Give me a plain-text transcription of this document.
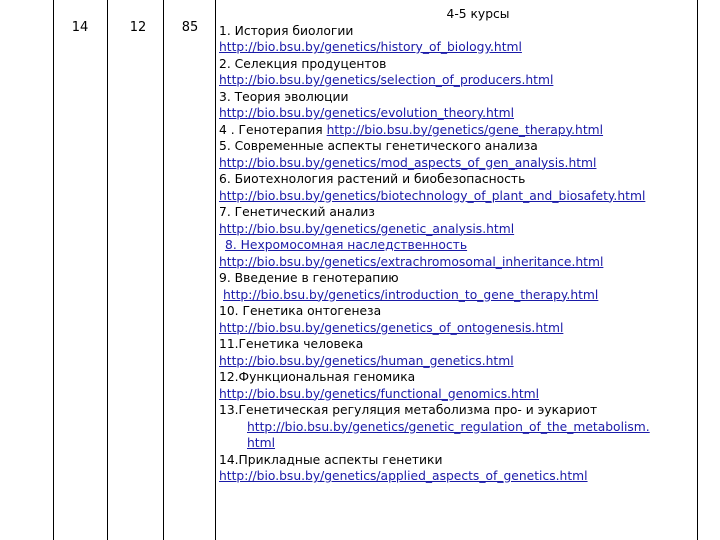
14	12	85
4-5 курсы
1. История биологии
http://bio.bsu.by/genetics/history_of_biology.html
2. Селекция продуцентов
http://bio.bsu.by/genetics/selection_of_producers.html
3. Теория эволюции
http://bio.bsu.by/genetics/evolution_theory.html
4 . Генотерапия http://bio.bsu.by/genetics/gene_therapy.html
5. Современные аспекты генетического анализа
http://bio.bsu.by/genetics/mod_aspects_of_gen_analysis.html
6. Биотехнология растений и биобезопасность
http://bio.bsu.by/genetics/biotechnology_of_plant_and_biosafety.html
7. Генетический анализ
http://bio.bsu.by/genetics/genetic_analysis.html
8. Нехромосомная наследственность
http://bio.bsu.by/genetics/extrachromosomal_inheritance.html
9. Введение в генотерапию
http://bio.bsu.by/genetics/introduction_to_gene_therapy.html
10. Генетика онтогенеза
http://bio.bsu.by/genetics/genetics_of_ontogenesis.html
11.Генетика человека
http://bio.bsu.by/genetics/human_genetics.html
12.Функциональная геномика
http://bio.bsu.by/genetics/functional_genomics.html
13.Генетическая регуляция метаболизма про- и эукариот
http://bio.bsu.by/genetics/genetic_regulation_of_the_metabolism.
html
14.Прикладные аспекты генетики
http://bio.bsu.by/genetics/applied_aspects_of_genetics.html
